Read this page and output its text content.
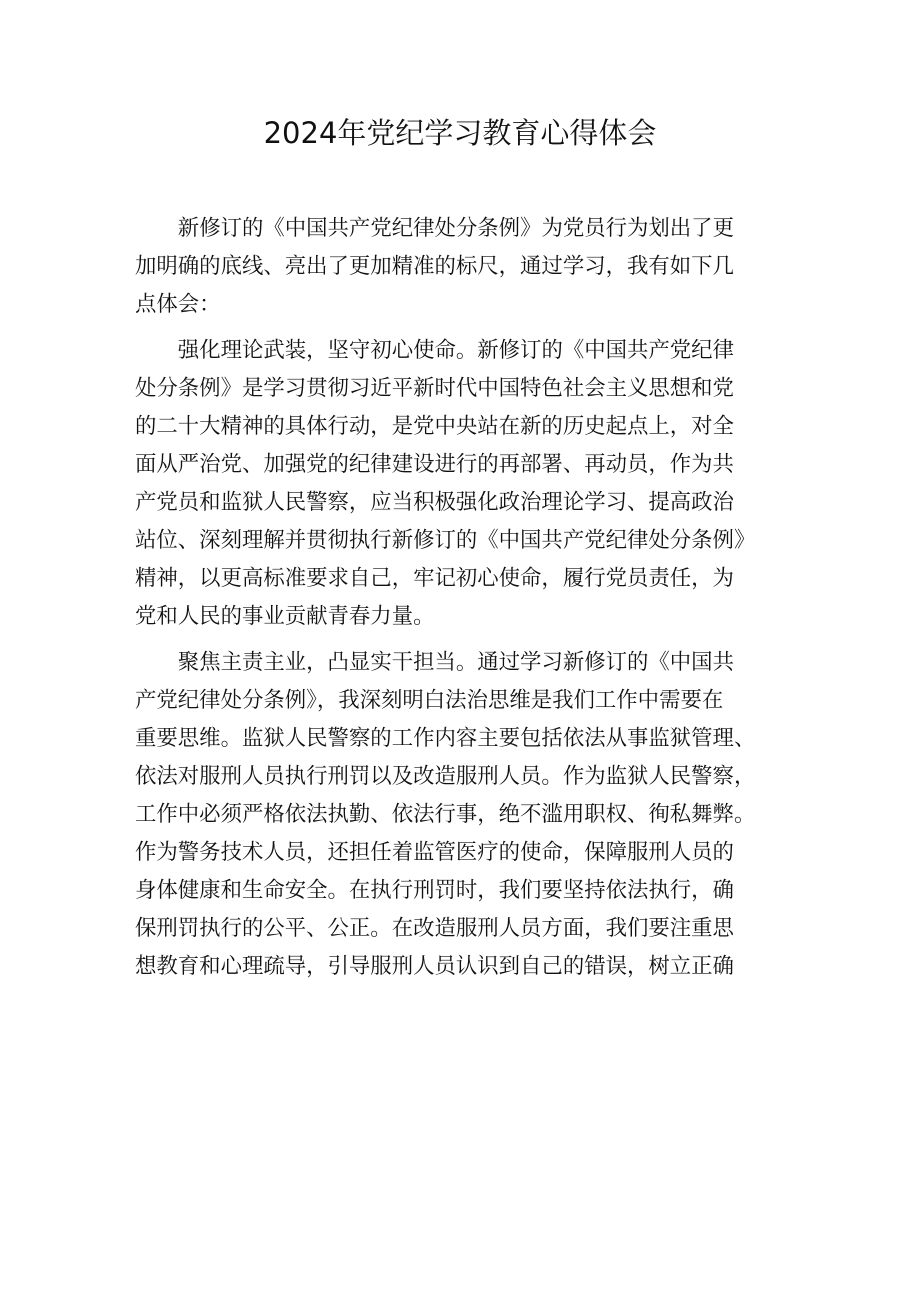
2024年党纪学习教育心得体会

新修订的《中国共产党纪律处分条例》为党员行为划出了更
加明确的底线、亮出了更加精准的标尺，通过学习，我有如下几
点体会：

强化理论武装，坚守初心使命。新修订的《中国共产党纪律
处分条例》是学习贯彻习近平新时代中国特色社会主义思想和党
的二十大精神的具体行动，是党中央站在新的历史起点上，对全
面从严治党、加强党的纪律建设进行的再部署、再动员，作为共
产党员和监狱人民警察，应当积极强化政治理论学习、提高政治
站位、深刻理解并贯彻执行新修订的《中国共产党纪律处分条例》
精神，以更高标准要求自己，牢记初心使命，履行党员责任，为
党和人民的事业贡献青春力量。

聚焦主责主业，凸显实干担当。通过学习新修订的《中国共
产党纪律处分条例》，我深刻明白法治思维是我们工作中需要在
重要思维。监狱人民警察的工作内容主要包括依法从事监狱管理、
依法对服刑人员执行刑罚以及改造服刑人员。作为监狱人民警察，
工作中必须严格依法执勤、依法行事，绝不滥用职权、徇私舞弊。
作为警务技术人员，还担任着监管医疗的使命，保障服刑人员的
身体健康和生命安全。在执行刑罚时，我们要坚持依法执行，确
保刑罚执行的公平、公正。在改造服刑人员方面，我们要注重思
想教育和心理疏导，引导服刑人员认识到自己的错误，树立正确
